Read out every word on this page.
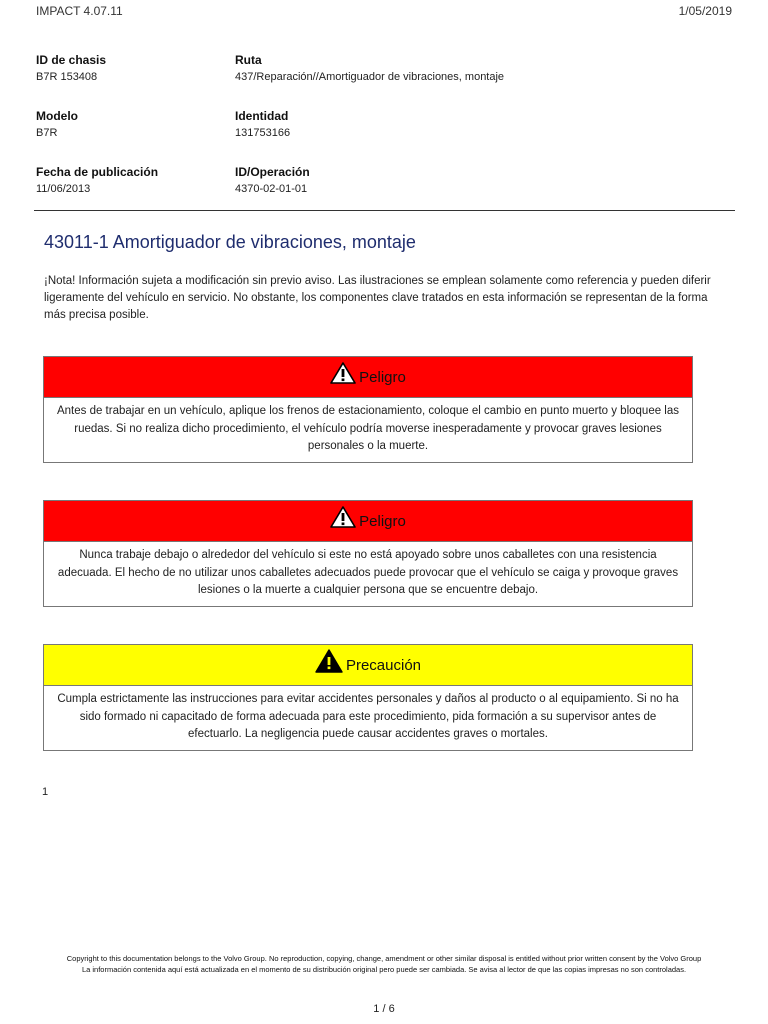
IMPACT 4.07.11	1/05/2019
ID de chasis
B7R 153408
Ruta
437/Reparación//Amortiguador de vibraciones, montaje
Modelo
B7R
Identidad
131753166
Fecha de publicación
11/06/2013
ID/Operación
4370-02-01-01
43011-1 Amortiguador de vibraciones, montaje

¡Nota! Información sujeta a modificación sin previo aviso. Las ilustraciones se emplean solamente como referencia y pueden diferir ligeramente del vehículo en servicio. No obstante, los componentes clave tratados en esta información se representan de la forma más precisa posible.

Peligro
Antes de trabajar en un vehículo, aplique los frenos de estacionamiento, coloque el cambio en punto muerto y bloquee las ruedas. Si no realiza dicho procedimiento, el vehículo podría moverse inesperadamente y provocar graves lesiones personales o la muerte.
Peligro
Nunca trabaje debajo o alrededor del vehículo si este no está apoyado sobre unos caballetes con una resistencia adecuada. El hecho de no utilizar unos caballetes adecuados puede provocar que el vehículo se caiga y provoque graves lesiones o la muerte a cualquier persona que se encuentre debajo.
Precaución
Cumpla estrictamente las instrucciones para evitar accidentes personales y daños al producto o al equipamiento. Si no ha sido formado ni capacitado de forma adecuada para este procedimiento, pida formación a su supervisor antes de efectuarlo. La negligencia puede causar accidentes graves o mortales.
1

Copyright to this documentation belongs to the Volvo Group. No reproduction, copying, change, amendment or other similar disposal is entitled without prior written consent by the Volvo Group

La información contenida aquí está actualizada en el momento de su distribución original pero puede ser cambiada. Se avisa al lector de que las copias impresas no son controladas.

1 / 6
